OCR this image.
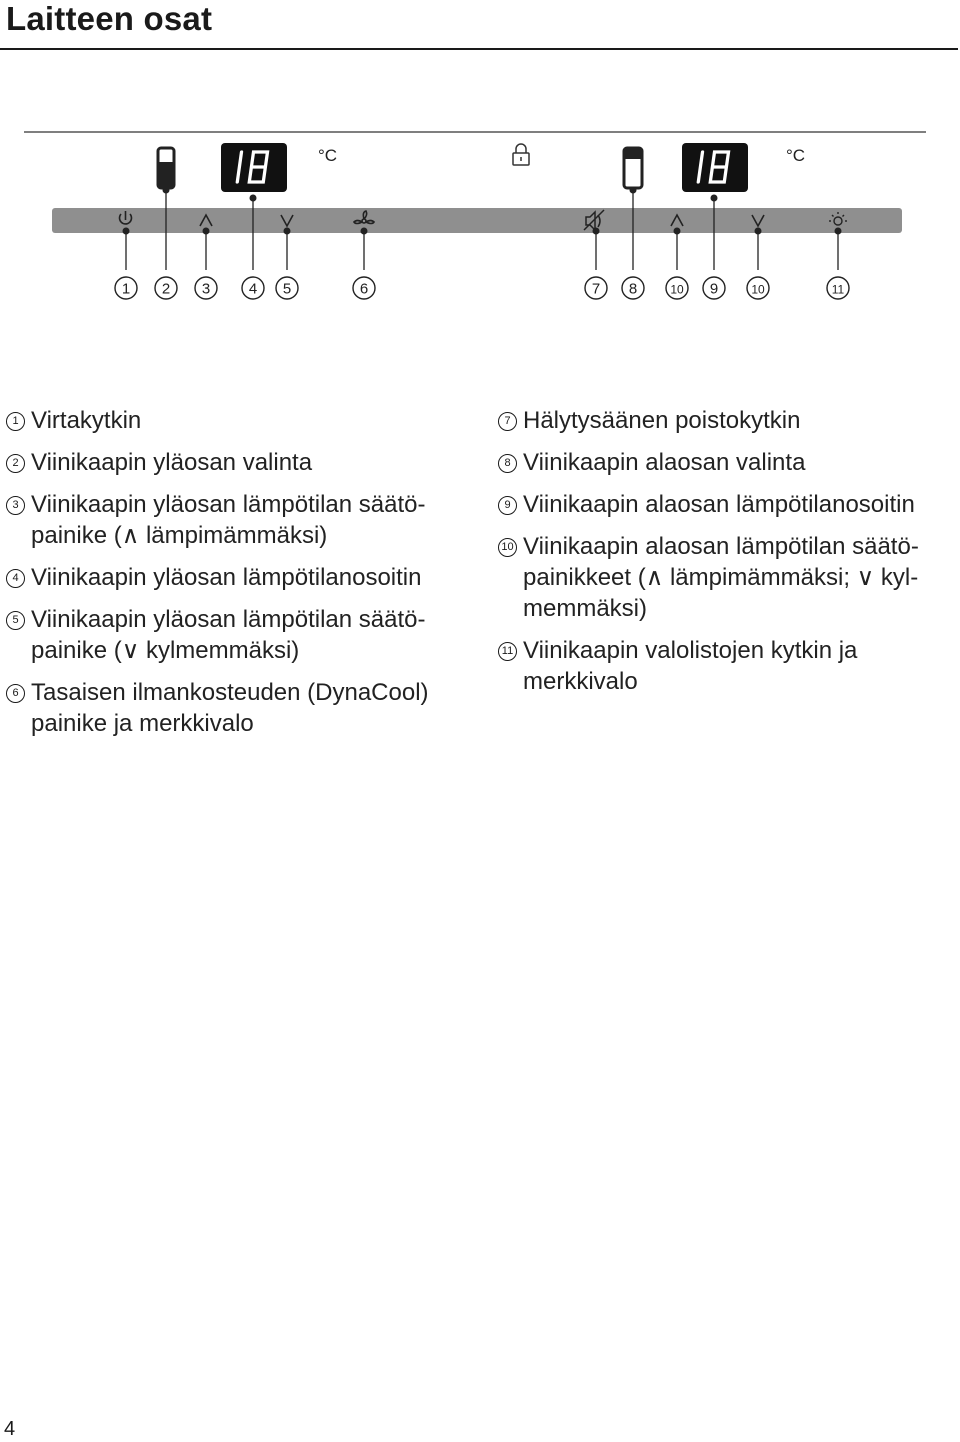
Laitteen osat
°C	°C
1 2 3	4 5	6	7 8	10 9	10	11
1 Virtakytkin
2 Viinikaapin yläosan valinta
3 Viinikaapin yläosan lämpötilan säätö-
painike (∧ lämpimämmäksi)
4 Viinikaapin yläosan lämpötilanosoitin
5 Viinikaapin yläosan lämpötilan säätö-
painike (∨ kylmemmäksi)
6 Tasaisen ilmankosteuden (DynaCool)
painike ja merkkivalo
7 Hälytysäänen poistokytkin
8 Viinikaapin alaosan valinta
9 Viinikaapin alaosan lämpötilanosoitin
10 Viinikaapin alaosan lämpötilan säätö-
painikkeet (∧ lämpimämmäksi; ∨ kyl-
memmäksi)
11 Viinikaapin valolistojen kytkin ja
merkkivalo
4
